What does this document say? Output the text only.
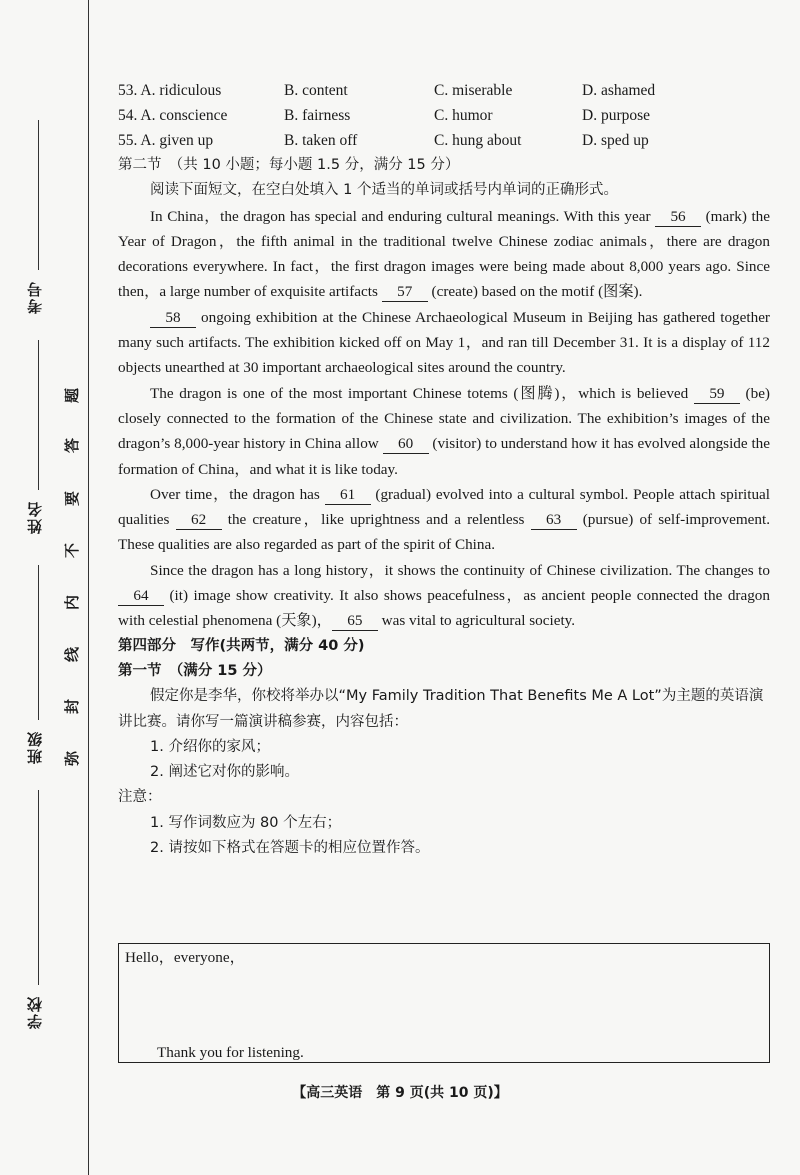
考号
姓名
班级
学校
题
答
要
不
内
线
封
弥
53. A. ridiculous	B. content	C. miserable	D. ashamed
54. A. conscience	B. fairness	C. humor	D. purpose
55. A. given up	B. taken off	C. hung about	D. sped up

第二节　（共 10 小题；每小题 1.5 分，满分 15 分）

阅读下面短文，在空白处填入 1 个适当的单词或括号内单词的正确形式。

In China，the dragon has special and enduring cultural meanings. With this year 56 (mark) the Year of Dragon，the fifth animal in the traditional twelve Chinese zodiac animals，there are dragon decorations everywhere. In fact，the first dragon images were being made about 8,000 years ago. Since then，a large number of exquisite artifacts 57 (create) based on the motif (图案).

58 ongoing exhibition at the Chinese Archaeological Museum in Beijing has gathered together many such artifacts. The exhibition kicked off on May 1，and ran till December 31. It is a display of 112 objects unearthed at 30 important archaeological sites around the country.

The dragon is one of the most important Chinese totems (图腾)，which is believed 59 (be) closely connected to the formation of the Chinese state and civilization. The exhibition’s images of the dragon’s 8,000-year history in China allow 60 (visitor) to understand how it has evolved alongside the formation of China，and what it is like today.

Over time，the dragon has 61 (gradual) evolved into a cultural symbol. People attach spiritual qualities 62 the creature，like uprightness and a relentless 63 (pursue) of self-improvement. These qualities are also regarded as part of the spirit of China.

Since the dragon has a long history，it shows the continuity of Chinese civilization. The changes to 64 (it) image show creativity. It also shows peacefulness，as ancient people connected the dragon with celestial phenomena (天象)， 65 was vital to agricultural society.

第四部分　写作(共两节，满分 40 分)

第一节　（满分 15 分）

假定你是李华，你校将举办以“My Family Tradition That Benefits Me A Lot”为主题的英语演讲比赛。请你写一篇演讲稿参赛，内容包括：

1. 介绍你的家风；

2. 阐述它对你的影响。

注意：

1. 写作词数应为 80 个左右；

2. 请按如下格式在答题卡的相应位置作答。

Hello，everyone，
Thank you for listening.
【高三英语　第 9 页(共 10 页)】
